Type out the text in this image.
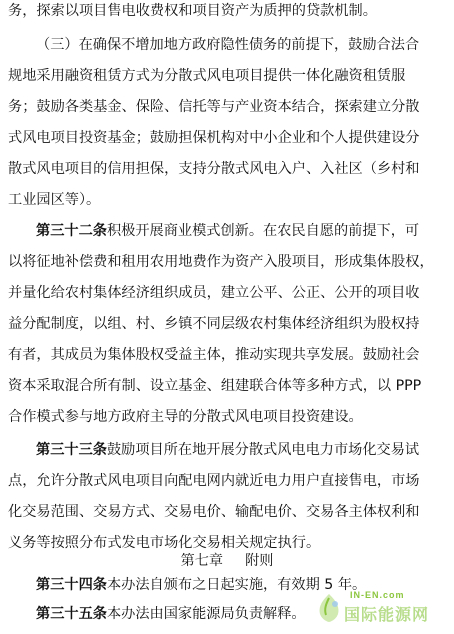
务，探索以项目售电收费权和项目资产为质押的贷款机制。
（三）在确保不增加地方政府隐性债务的前提下，鼓励合法合
规地采用融资租赁方式为分散式风电项目提供一体化融资租赁服
务；鼓励各类基金、保险、信托等与产业资本结合，探索建立分散
式风电项目投资基金；鼓励担保机构对中小企业和个人提供建设分
散式风电项目的信用担保，支持分散式风电入户、入社区（乡村和
工业园区等）。
第三十二条积极开展商业模式创新。在农民自愿的前提下，可
以将征地补偿费和租用农用地费作为资产入股项目，形成集体股权，
并量化给农村集体经济组织成员，建立公平、公正、公开的项目收
益分配制度，以组、村、乡镇不同层级农村集体经济组织为股权持
有者，其成员为集体股权受益主体，推动实现共享发展。鼓励社会
资本采取混合所有制、设立基金、组建联合体等多种方式，以 PPP
合作模式参与地方政府主导的分散式风电项目投资建设。
第三十三条鼓励项目所在地开展分散式风电电力市场化交易试
点，允许分散式风电项目向配电网内就近电力用户直接售电，市场
化交易范围、交易方式、交易电价、输配电价、交易各主体权利和
义务等按照分布式发电市场化交易相关规定执行。
第七章 附则
第三十四条本办法自颁布之日起实施，有效期 5 年。
第三十五条本办法由国家能源局负责解释。
IN-EN.com
国际能源网
